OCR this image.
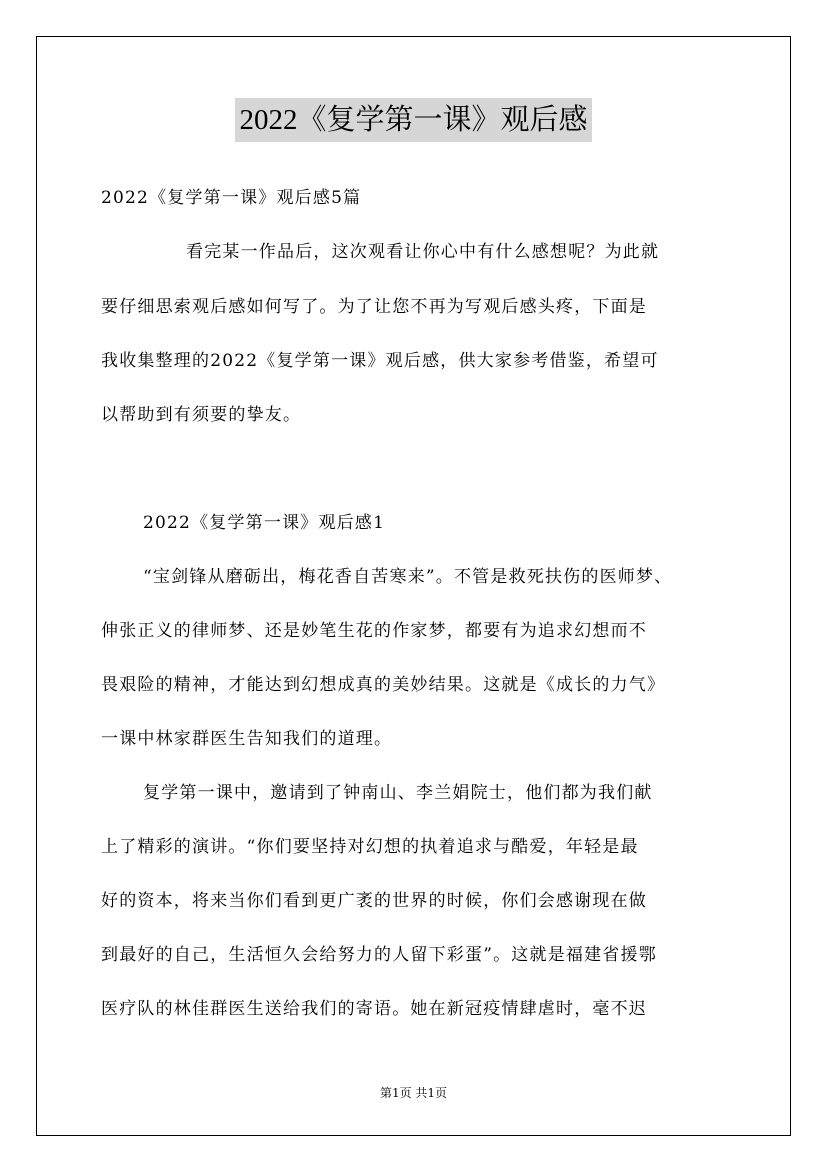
2022《复学第一课》观后感
2022《复学第一课》观后感5篇
看完某一作品后，这次观看让你心中有什么感想呢？为此就
要仔细思索观后感如何写了。为了让您不再为写观后感头疼，下面是
我收集整理的2022《复学第一课》观后感，供大家参考借鉴，希望可
以帮助到有须要的挚友。
2022《复学第一课》观后感1
“宝剑锋从磨砺出，梅花香自苦寒来”。不管是救死扶伤的医师梦、
伸张正义的律师梦、还是妙笔生花的作家梦，都要有为追求幻想而不
畏艰险的精神，才能达到幻想成真的美妙结果。这就是《成长的力气》
一课中林家群医生告知我们的道理。
复学第一课中，邀请到了钟南山、李兰娟院士，他们都为我们献
上了精彩的演讲。“你们要坚持对幻想的执着追求与酷爱，年轻是最
好的资本，将来当你们看到更广袤的世界的时候，你们会感谢现在做
到最好的自己，生活恒久会给努力的人留下彩蛋”。这就是福建省援鄂
医疗队的林佳群医生送给我们的寄语。她在新冠疫情肆虐时，毫不迟
第1页 共1页
